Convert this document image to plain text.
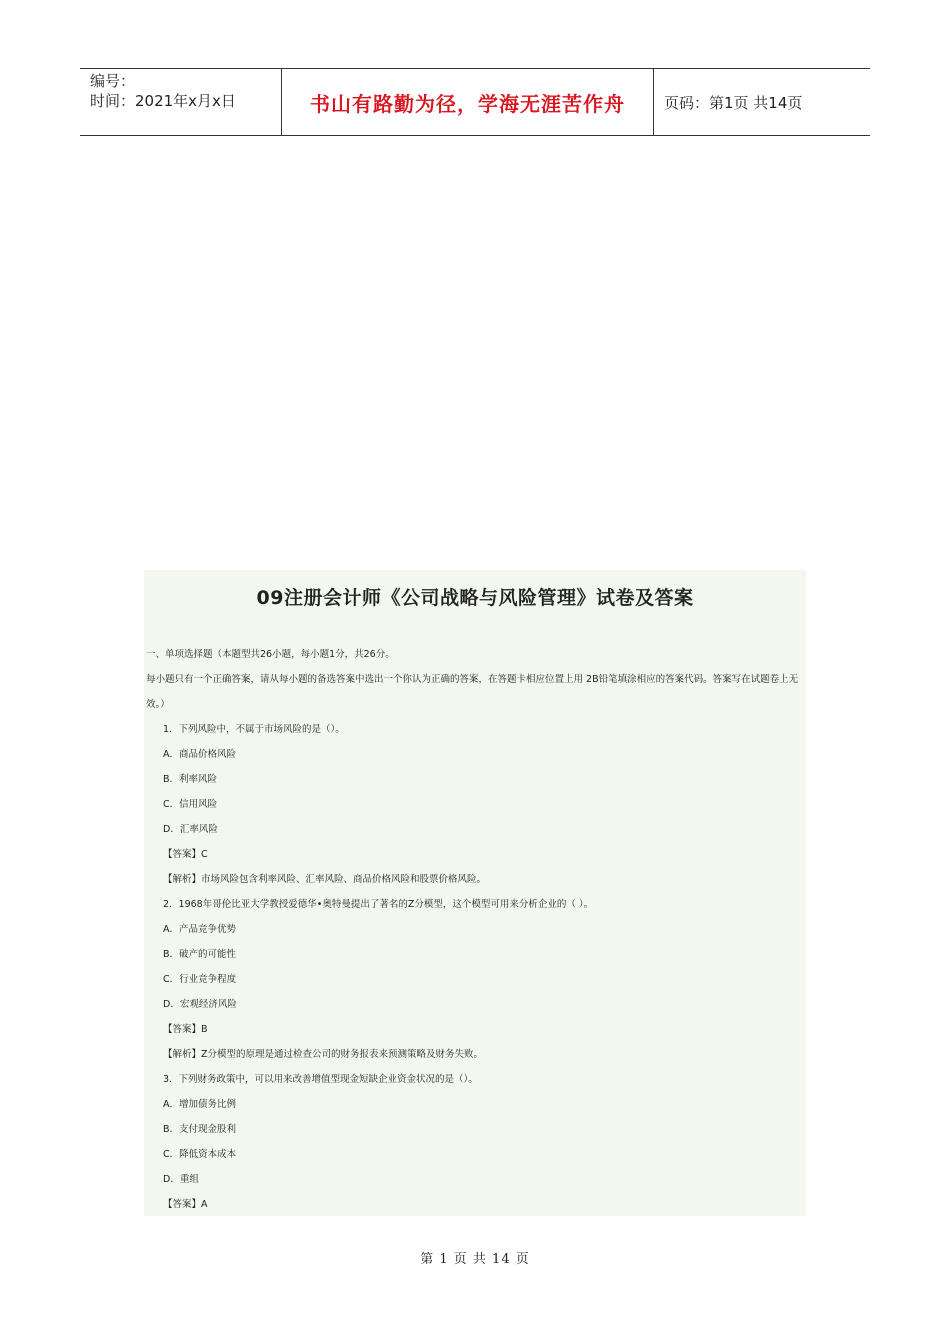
编号：
时间：2021年x月x日	书山有路勤为径，学海无涯苦作舟	页码：第1页 共14页
09注册会计师《公司战略与风险管理》试卷及答案
一、单项选择题（本题型共26小题，每小题1分，共26分。
每小题只有一个正确答案，请从每小题的备选答案中选出一个你认为正确的答案，在答题卡相应位置上用 2B铅笔填涂相应的答案代码。答案写在试题卷上无效。）
1．下列风险中，不属于市场风险的是（）。
A．商品价格风险
B．利率风险
C．信用风险
D．汇率风险
【答案】C
【解析】市场风险包含利率风险、汇率风险、商品价格风险和股票价格风险。
2．1968年哥伦比亚大学教授爱德华•奥特曼提出了著名的Z分模型，这个模型可用来分析企业的（ ）。
A．产品竞争优势
B．破产的可能性
C．行业竞争程度
D．宏观经济风险
【答案】B
【解析】Z分模型的原理是通过检查公司的财务报表来预测策略及财务失败。
3．下列财务政策中，可以用来改善增值型现金短缺企业资金状况的是（）。
A．增加债务比例
B．支付现金股利
C．降低资本成本
D．重组
【答案】A
第 1 页 共 14 页
